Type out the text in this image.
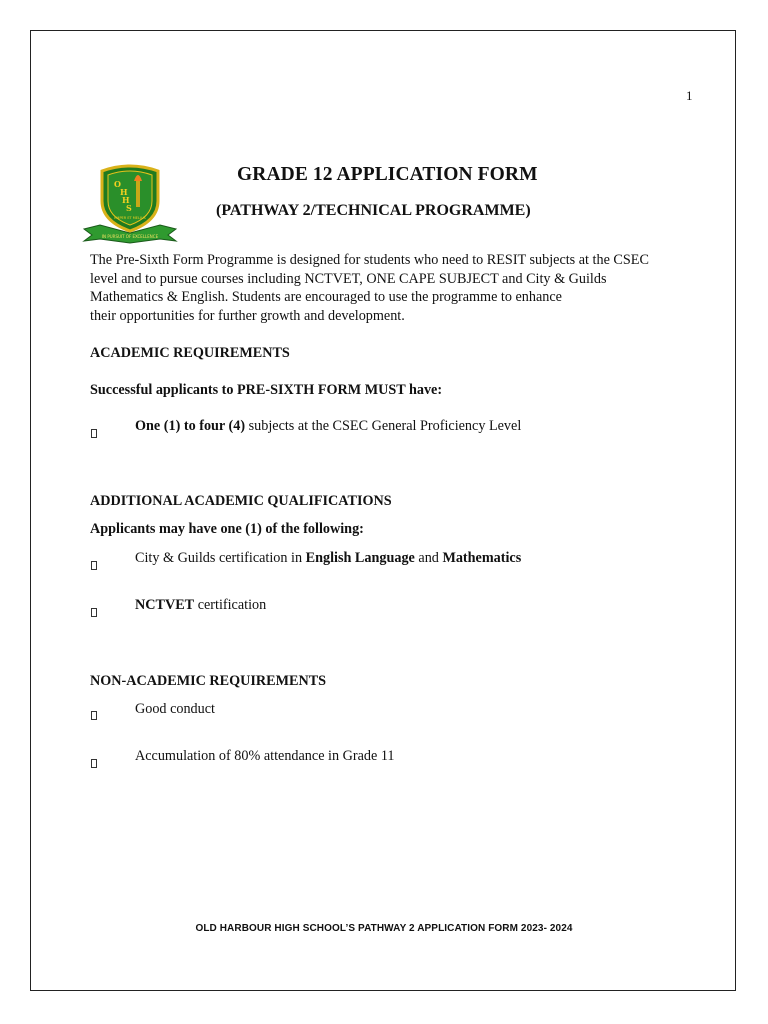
1
IN PURSUIT OF EXCELLENCE
O
H
H
S
EMPER ET MELIUS
GRADE 12 APPLICATION FORM
(PATHWAY 2/TECHNICAL PROGRAMME)
The Pre-Sixth Form Programme is designed for students who need to RESIT subjects at the CSEC
level and to pursue courses including NCTVET, ONE CAPE SUBJECT and City & Guilds
Mathematics & English. Students are encouraged to use the programme to enhance
their opportunities for further growth and development.
ACADEMIC REQUIREMENTS
Successful applicants to PRE-SIXTH FORM MUST have:
One (1) to four (4) subjects at the CSEC General Proficiency Level
ADDITIONAL ACADEMIC QUALIFICATIONS
Applicants may have one (1) of the following:
City & Guilds certification in English Language and Mathematics
NCTVET certification
NON-ACADEMIC REQUIREMENTS
Good conduct
Accumulation of 80% attendance in Grade 11
OLD HARBOUR HIGH SCHOOL’S PATHWAY 2 APPLICATION FORM 2023- 2024
